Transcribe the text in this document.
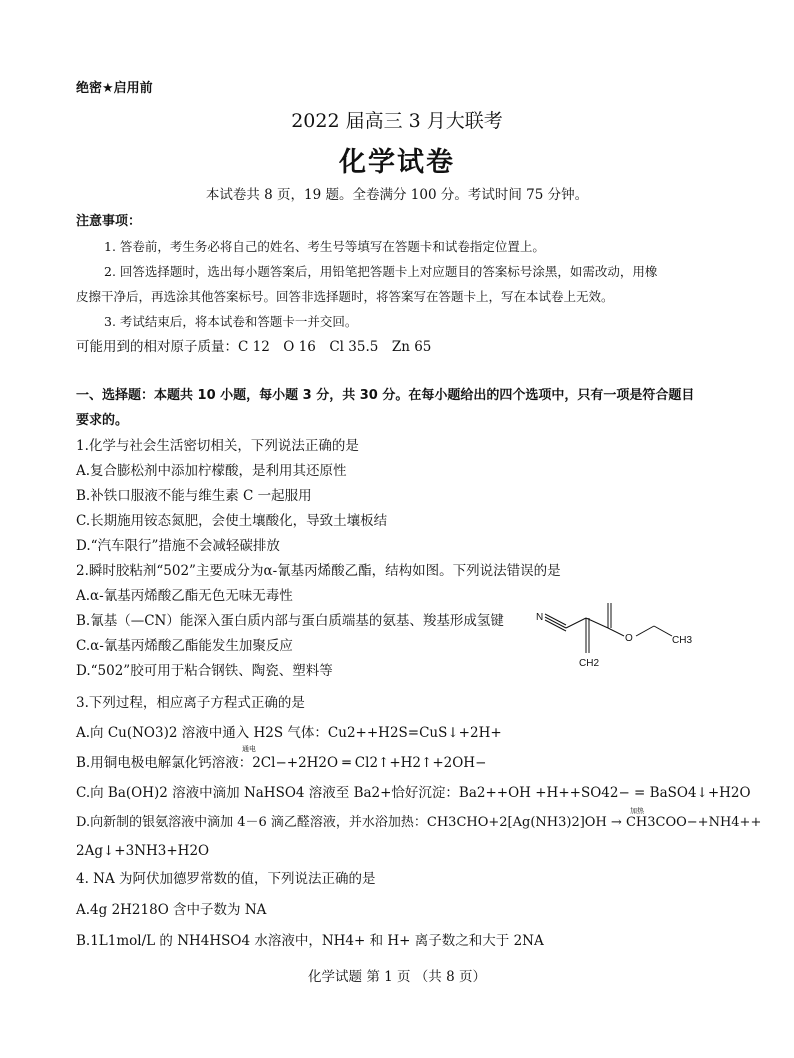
绝密★启用前
2022 届高三 3 月大联考
化学试卷
本试卷共 8 页，19 题。全卷满分 100 分。考试时间 75 分钟。
注意事项：
1. 答卷前，考生务必将自己的姓名、考生号等填写在答题卡和试卷指定位置上。
2. 回答选择题时，选出每小题答案后，用铅笔把答题卡上对应题目的答案标号涂黑，如需改动，用橡
皮擦干净后，再选涂其他答案标号。回答非选择题时，将答案写在答题卡上，写在本试卷上无效。
3. 考试结束后，将本试卷和答题卡一并交回。
可能用到的相对原子质量：C 12　O 16　Cl 35.5　Zn 65
一、选择题：本题共 10 小题，每小题 3 分，共 30 分。在每小题给出的四个选项中，只有一项是符合题目
要求的。
1.化学与社会生活密切相关，下列说法正确的是
A.复合膨松剂中添加柠檬酸，是利用其还原性
B.补铁口服液不能与维生素 C 一起服用
C.长期施用铵态氮肥，会使土壤酸化，导致土壤板结
D.“汽车限行”措施不会减轻碳排放
2.瞬时胶粘剂“502”主要成分为α-氰基丙烯酸乙酯，结构如图。下列说法错误的是
A.α-氰基丙烯酸乙酯无色无味无毒性
B.氰基（—CN）能深入蛋白质内部与蛋白质端基的氨基、羧基形成氢键
C.α-氰基丙烯酸乙酯能发生加聚反应
D.“502”胶可用于粘合钢铁、陶瓷、塑料等
N
O	CH3
CH2
3.下列过程，相应离子方程式正确的是
A.向 Cu(NO3)2 溶液中通入 H2S 气体：Cu2++H2S=CuS↓+2H+
通电
B.用铜电极电解氯化钙溶液：2Cl−+2H2O ═ Cl2↑+H2↑+2OH−
C.向 Ba(OH)2 溶液中滴加 NaHSO4 溶液至 Ba2+恰好沉淀：Ba2++OH +H++SO42− = BaSO4↓+H2O
加热
D.向新制的银氨溶液中滴加 4－6 滴乙醛溶液，并水浴加热：CH3CHO+2[Ag(NH3)2]OH → CH3COO−+NH4++
2Ag↓+3NH3+H2O
4. NA 为阿伏加德罗常数的值，下列说法正确的是
A.4g 2H218O 含中子数为 NA
B.1L1mol/L 的 NH4HSO4 水溶液中，NH4+ 和 H+ 离子数之和大于 2NA
化学试题 第 1 页 （共 8 页）
